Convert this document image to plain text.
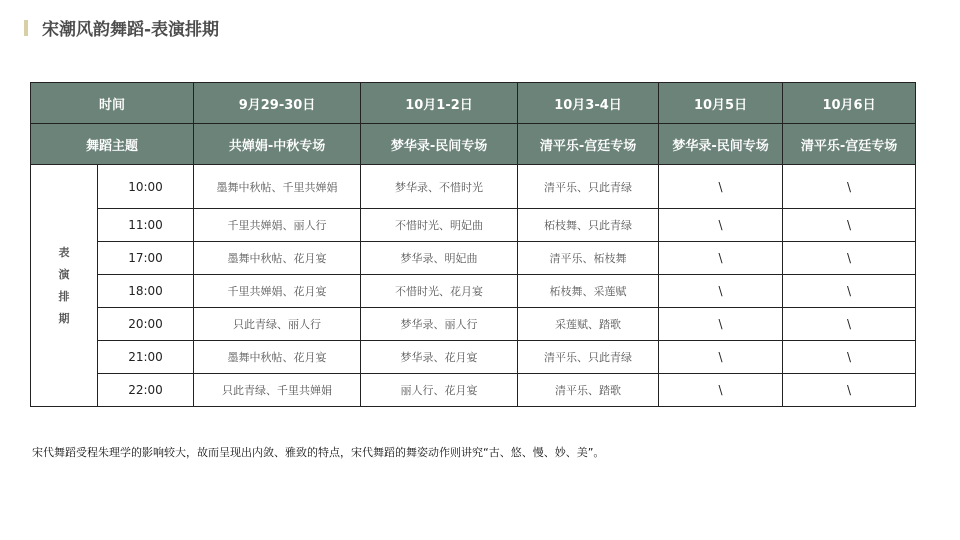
宋潮风韵舞蹈-表演排期
时间		9月29-30日	10月1-2日	10月3-4日	10月5日	10月6日
舞蹈主题		共婵娟-中秋专场	梦华录-民间专场	清平乐-宫廷专场	梦华录-民间专场	清平乐-宫廷专场
表演排期	10:00	墨舞中秋帖、千里共婵娟	梦华录、不惜时光	清平乐、只此青绿	\	\
	11:00	千里共婵娟、丽人行	不惜时光、明妃曲	柘枝舞、只此青绿	\	\
	17:00	墨舞中秋帖、花月宴	梦华录、明妃曲	清平乐、柘枝舞	\	\
	18:00	千里共婵娟、花月宴	不惜时光、花月宴	柘枝舞、采莲赋	\	\
	20:00	只此青绿、丽人行	梦华录、丽人行	采莲赋、踏歌	\	\
	21:00	墨舞中秋帖、花月宴	梦华录、花月宴	清平乐、只此青绿	\	\
	22:00	只此青绿、千里共婵娟	丽人行、花月宴	清平乐、踏歌	\	\
宋代舞蹈受程朱理学的影响较大，故而呈现出内敛、雅致的特点，宋代舞蹈的舞姿动作则讲究“古、悠、慢、妙、美”。
